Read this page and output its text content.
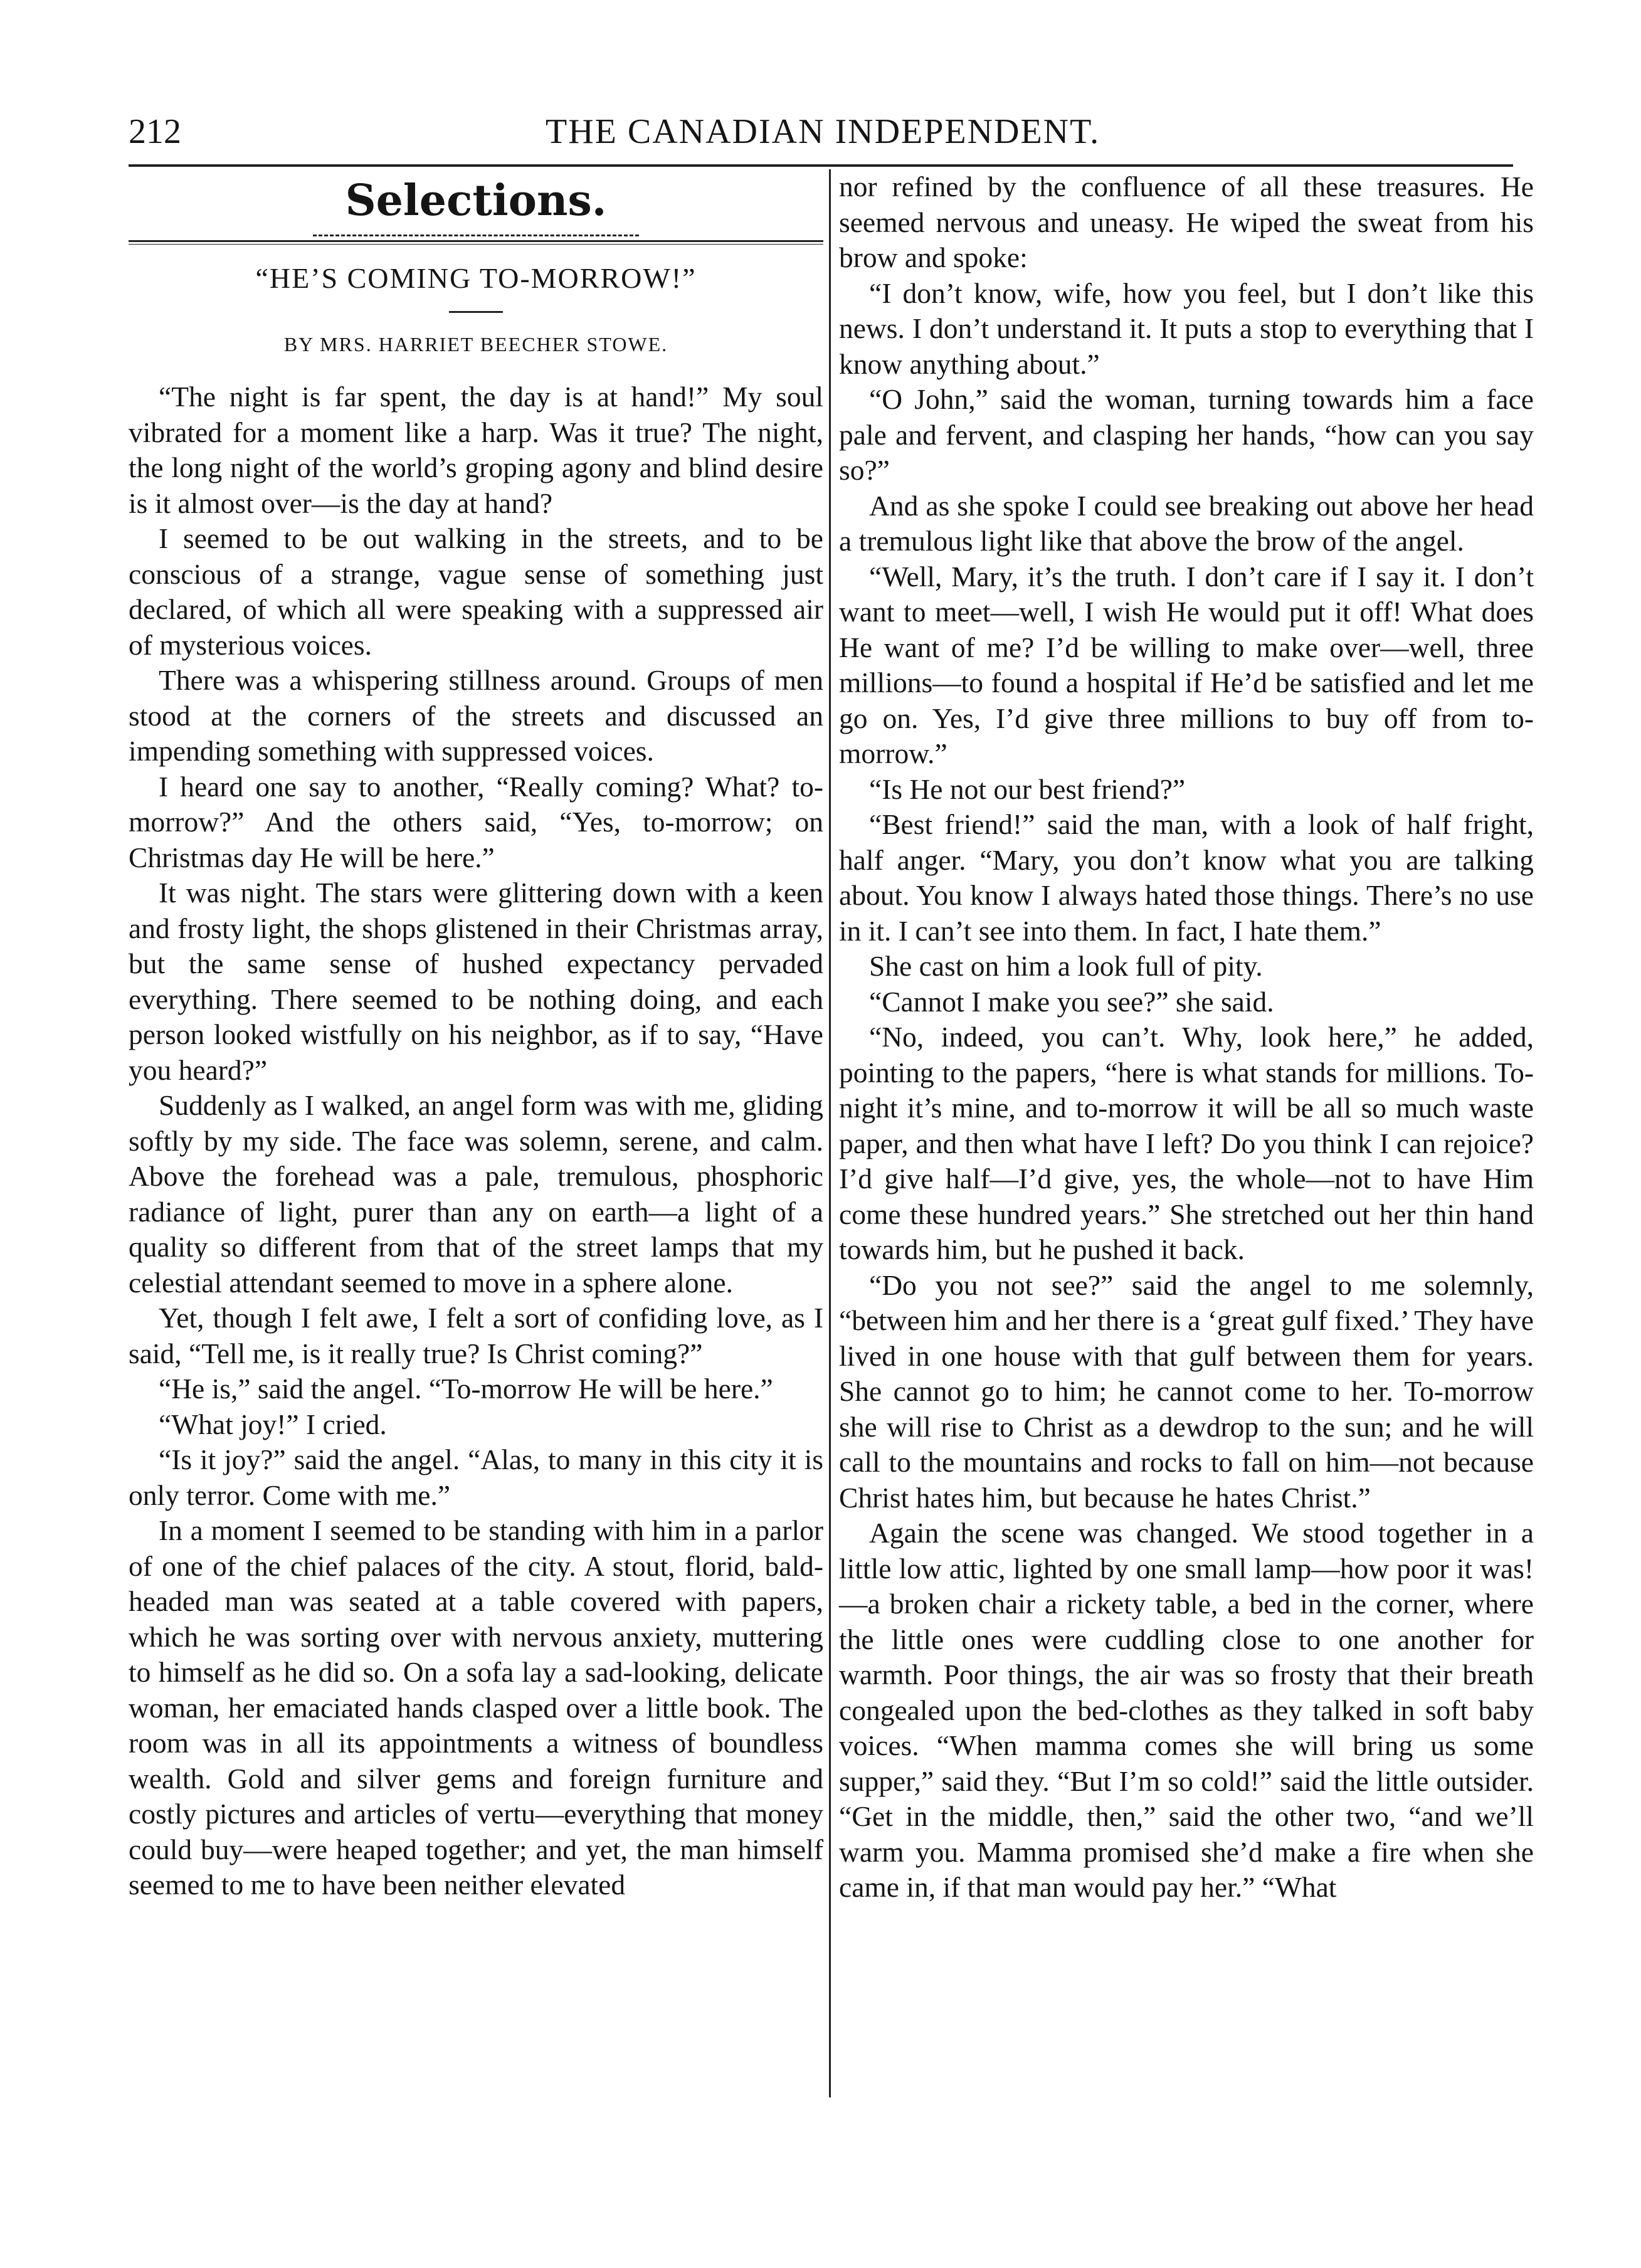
212	THE CANADIAN INDEPENDENT.
Selections.
“HE’S COMING TO-MORROW!”
BY MRS. HARRIET BEECHER STOWE.

“The night is far spent, the day is at hand!” My soul vibrated for a moment like a harp. Was it true? The night, the long night of the world’s groping agony and blind desire is it almost over—is the day at hand?

I seemed to be out walking in the streets, and to be conscious of a strange, vague sense of something just declared, of which all were speaking with a suppressed air of mysterious voices.

There was a whispering stillness around. Groups of men stood at the corners of the streets and discussed an impending something with suppressed voices.

I heard one say to another, “Really coming? What? to-morrow?” And the others said, “Yes, to-morrow; on Christmas day He will be here.”

It was night. The stars were glittering down with a keen and frosty light, the shops glistened in their Christmas array, but the same sense of hushed expectancy pervaded everything. There seemed to be nothing doing, and each person looked wistfully on his neighbor, as if to say, “Have you heard?”

Suddenly as I walked, an angel form was with me, gliding softly by my side. The face was solemn, serene, and calm. Above the forehead was a pale, tremulous, phosphoric radiance of light, purer than any on earth—a light of a quality so different from that of the street lamps that my celestial attendant seemed to move in a sphere alone.

Yet, though I felt awe, I felt a sort of confiding love, as I said, “Tell me, is it really true? Is Christ coming?”

“He is,” said the angel. “To-morrow He will be here.”

“What joy!” I cried.

“Is it joy?” said the angel. “Alas, to many in this city it is only terror. Come with me.”

In a moment I seemed to be standing with him in a parlor of one of the chief palaces of the city. A stout, florid, bald-headed man was seated at a table covered with papers, which he was sorting over with nervous anxiety, muttering to himself as he did so. On a sofa lay a sad-looking, delicate woman, her emaciated hands clasped over a little book. The room was in all its appointments a witness of boundless wealth. Gold and silver gems and foreign furniture and costly pictures and articles of vertu—everything that money could buy—were heaped together; and yet, the man himself seemed to me to have been neither elevated

nor refined by the confluence of all these treasures. He seemed nervous and uneasy. He wiped the sweat from his brow and spoke:

“I don’t know, wife, how you feel, but I don’t like this news. I don’t understand it. It puts a stop to everything that I know anything about.”

“O John,” said the woman, turning towards him a face pale and fervent, and clasping her hands, “how can you say so?”

And as she spoke I could see breaking out above her head a tremulous light like that above the brow of the angel.

“Well, Mary, it’s the truth. I don’t care if I say it. I don’t want to meet—well, I wish He would put it off! What does He want of me? I’d be willing to make over—well, three millions—to found a hospital if He’d be satisfied and let me go on. Yes, I’d give three millions to buy off from to-morrow.”

“Is He not our best friend?”

“Best friend!” said the man, with a look of half fright, half anger. “Mary, you don’t know what you are talking about. You know I always hated those things. There’s no use in it. I can’t see into them. In fact, I hate them.”

She cast on him a look full of pity.

“Cannot I make you see?” she said.

“No, indeed, you can’t. Why, look here,” he added, pointing to the papers, “here is what stands for millions. To-night it’s mine, and to-morrow it will be all so much waste paper, and then what have I left? Do you think I can rejoice? I’d give half—I’d give, yes, the whole—not to have Him come these hundred years.” She stretched out her thin hand towards him, but he pushed it back.

“Do you not see?” said the angel to me solemnly, “between him and her there is a ‘great gulf fixed.’ They have lived in one house with that gulf between them for years. She cannot go to him; he cannot come to her. To-morrow she will rise to Christ as a dewdrop to the sun; and he will call to the mountains and rocks to fall on him—not because Christ hates him, but because he hates Christ.”

Again the scene was changed. We stood together in a little low attic, lighted by one small lamp—how poor it was!—a broken chair a rickety table, a bed in the corner, where the little ones were cuddling close to one another for warmth. Poor things, the air was so frosty that their breath congealed upon the bed-clothes as they talked in soft baby voices. “When mamma comes she will bring us some supper,” said they. “But I’m so cold!” said the little outsider. “Get in the middle, then,” said the other two, “and we’ll warm you. Mamma promised she’d make a fire when she came in, if that man would pay her.” “What
